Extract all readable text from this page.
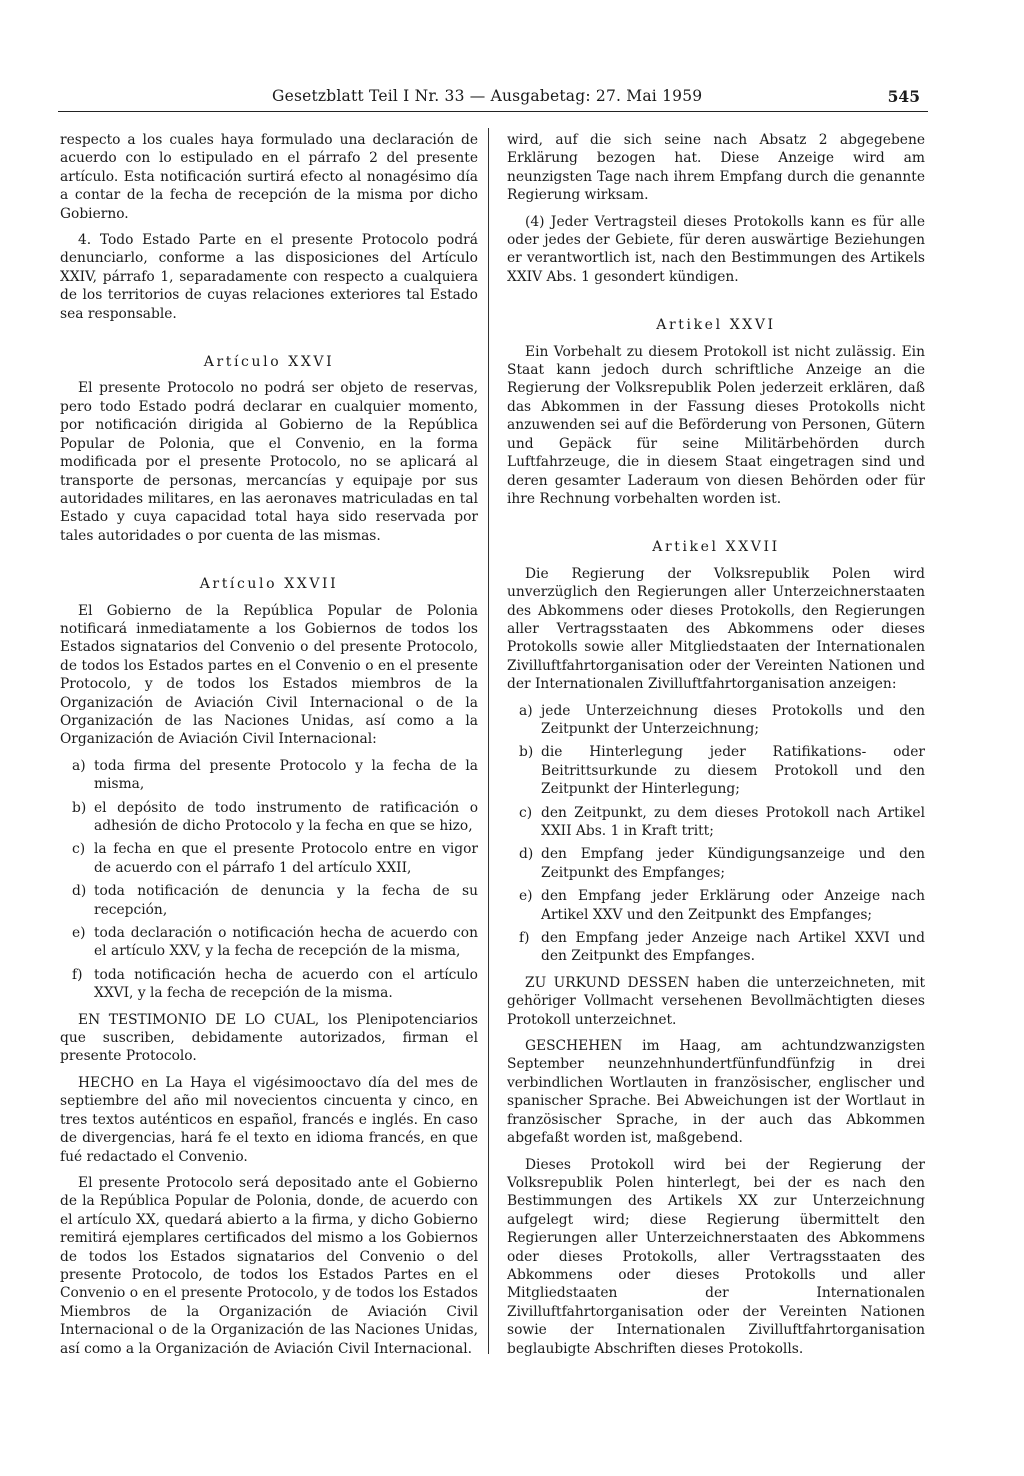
Gesetzblatt Teil I Nr. 33 — Ausgabetag: 27. Mai 1959	545

respecto a los cuales haya formulado una declaración de acuerdo con lo estipulado en el párrafo 2 del presente artículo. Esta notificación surtirá efecto al nonagésimo día a contar de la fecha de recepción de la misma por dicho Gobierno.

4. Todo Estado Parte en el presente Protocolo podrá denunciarlo, conforme a las disposiciones del Artículo XXIV, párrafo 1, separadamente con respecto a cualquiera de los territorios de cuyas relaciones exteriores tal Estado sea responsable.

Artículo XXVI

El presente Protocolo no podrá ser objeto de reservas, pero todo Estado podrá declarar en cualquier momento, por notificación dirigida al Gobierno de la República Popular de Polonia, que el Convenio, en la forma modificada por el presente Protocolo, no se aplicará al transporte de personas, mercancías y equipaje por sus autoridades militares, en las aeronaves matriculadas en tal Estado y cuya capacidad total haya sido reservada por tales autoridades o por cuenta de las mismas.

Artículo XXVII

El Gobierno de la República Popular de Polonia notificará inmediatamente a los Gobiernos de todos los Estados signatarios del Convenio o del presente Protocolo, de todos los Estados partes en el Convenio o en el presente Protocolo, y de todos los Estados miembros de la Organización de Aviación Civil Internacional o de la Organización de las Naciones Unidas, así como a la Organización de Aviación Civil Internacional:

a) toda firma del presente Protocolo y la fecha de la misma,
b) el depósito de todo instrumento de ratificación o adhesión de dicho Protocolo y la fecha en que se hizo,
c) la fecha en que el presente Protocolo entre en vigor de acuerdo con el párrafo 1 del artículo XXII,
d) toda notificación de denuncia y la fecha de su recepción,
e) toda declaración o notificación hecha de acuerdo con el artículo XXV, y la fecha de recepción de la misma,
f) toda notificación hecha de acuerdo con el artículo XXVI, y la fecha de recepción de la misma.

EN TESTIMONIO DE LO CUAL, los Plenipotenciarios que suscriben, debidamente autorizados, firman el presente Protocolo.

HECHO en La Haya el vigésimooctavo día del mes de septiembre del año mil novecientos cincuenta y cinco, en tres textos auténticos en español, francés e inglés. En caso de divergencias, hará fe el texto en idioma francés, en que fué redactado el Convenio.

El presente Protocolo será depositado ante el Gobierno de la República Popular de Polonia, donde, de acuerdo con el artículo XX, quedará abierto a la firma, y dicho Gobierno remitirá ejemplares certificados del mismo a los Gobiernos de todos los Estados signatarios del Convenio o del presente Protocolo, de todos los Estados Partes en el Convenio o en el presente Protocolo, y de todos los Estados Miembros de la Organización de Aviación Civil Internacional o de la Organización de las Naciones Unidas, así como a la Organización de Aviación Civil Internacional.

wird, auf die sich seine nach Absatz 2 abgegebene Erklärung bezogen hat. Diese Anzeige wird am neunzigsten Tage nach ihrem Empfang durch die genannte Regierung wirksam.

(4) Jeder Vertragsteil dieses Protokolls kann es für alle oder jedes der Gebiete, für deren auswärtige Beziehungen er verantwortlich ist, nach den Bestimmungen des Artikels XXIV Abs. 1 gesondert kündigen.

Artikel XXVI

Ein Vorbehalt zu diesem Protokoll ist nicht zulässig. Ein Staat kann jedoch durch schriftliche Anzeige an die Regierung der Volksrepublik Polen jederzeit erklären, daß das Abkommen in der Fassung dieses Protokolls nicht anzuwenden sei auf die Beförderung von Personen, Gütern und Gepäck für seine Militärbehörden durch Luftfahrzeuge, die in diesem Staat eingetragen sind und deren gesamter Laderaum von diesen Behörden oder für ihre Rechnung vorbehalten worden ist.

Artikel XXVII

Die Regierung der Volksrepublik Polen wird unverzüglich den Regierungen aller Unterzeichnerstaaten des Abkommens oder dieses Protokolls, den Regierungen aller Vertragsstaaten des Abkommens oder dieses Protokolls sowie aller Mitgliedstaaten der Internationalen Zivilluftfahrtorganisation oder der Vereinten Nationen und der Internationalen Zivilluftfahrtorganisation anzeigen:

a) jede Unterzeichnung dieses Protokolls und den Zeitpunkt der Unterzeichnung;
b) die Hinterlegung jeder Ratifikations- oder Beitrittsurkunde zu diesem Protokoll und den Zeitpunkt der Hinterlegung;
c) den Zeitpunkt, zu dem dieses Protokoll nach Artikel XXII Abs. 1 in Kraft tritt;
d) den Empfang jeder Kündigungsanzeige und den Zeitpunkt des Empfanges;
e) den Empfang jeder Erklärung oder Anzeige nach Artikel XXV und den Zeitpunkt des Empfanges;
f) den Empfang jeder Anzeige nach Artikel XXVI und den Zeitpunkt des Empfanges.

ZU URKUND DESSEN haben die unterzeichneten, mit gehöriger Vollmacht versehenen Bevollmächtigten dieses Protokoll unterzeichnet.

GESCHEHEN im Haag, am achtundzwanzigsten September neunzehnhundertfünfundfünfzig in drei verbindlichen Wortlauten in französischer, englischer und spanischer Sprache. Bei Abweichungen ist der Wortlaut in französischer Sprache, in der auch das Abkommen abgefaßt worden ist, maßgebend.

Dieses Protokoll wird bei der Regierung der Volksrepublik Polen hinterlegt, bei der es nach den Bestimmungen des Artikels XX zur Unterzeichnung aufgelegt wird; diese Regierung übermittelt den Regierungen aller Unterzeichnerstaaten des Abkommens oder dieses Protokolls, aller Vertragsstaaten des Abkommens oder dieses Protokolls und aller Mitgliedstaaten der Internationalen Zivilluftfahrtorganisation oder der Vereinten Nationen sowie der Internationalen Zivilluftfahrtorganisation beglaubigte Abschriften dieses Protokolls.
